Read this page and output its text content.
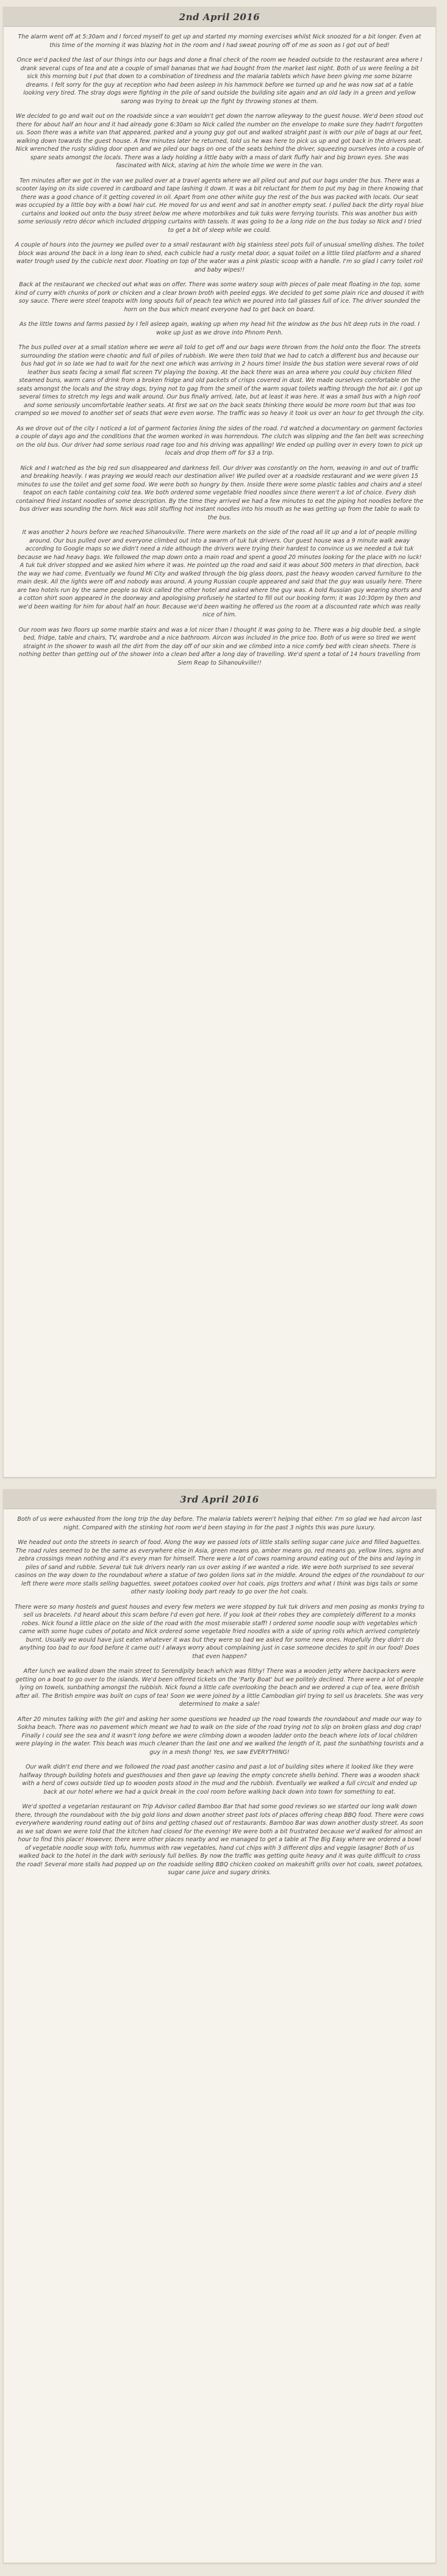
2nd April 2016

The alarm went off at 5:30am and I forced myself to get up and started my morning exercises whilst Nick snoozed for a bit longer. Even at this time of the morning it was blazing hot in the room and I had sweat pouring off of me as soon as I got out of bed!

Once we'd packed the last of our things into our bags and done a final check of the room we headed outside to the restaurant area where I drank several cups of tea and ate a couple of small bananas that we had bought from the market last night. Both of us were feeling a bit sick this morning but I put that down to a combination of tiredness and the malaria tablets which have been giving me some bizarre dreams. I felt sorry for the guy at reception who had been asleep in his hammock before we turned up and he was now sat at a table looking very tired. The stray dogs were fighting in the pile of sand outside the building site again and an old lady in a green and yellow sarong was trying to break up the fight by throwing stones at them.

We decided to go and wait out on the roadside since a van wouldn't get down the narrow alleyway to the guest house. We'd been stood out there for about half an hour and it had already gone 6:30am so Nick called the number on the envelope to make sure they hadn't forgotten us. Soon there was a white van that appeared, parked and a young guy got out and walked straight past is with our pile of bags at our feet, walking down towards the guest house. A few minutes later he returned, told us he was here to pick us up and got back in the drivers seat. Nick wrenched the rusty sliding door open and we piled our bags on one of the seats behind the driver, squeezing ourselves into a couple of spare seats amongst the locals. There was a lady holding a little baby with a mass of dark fluffy hair and big brown eyes. She was fascinated with Nick, staring at him the whole time we were in the van.

Ten minutes after we got in the van we pulled over at a travel agents where we all piled out and put our bags under the bus. There was a scooter laying on its side covered in cardboard and tape lashing it down. It was a bit reluctant for them to put my bag in there knowing that there was a good chance of it getting covered in oil. Apart from one other white guy the rest of the bus was packed with locals. Our seat was occupied by a little boy with a bowl hair cut. He moved for us and went and sat in another empty seat. I pulled back the dirty royal blue curtains and looked out onto the busy street below me where motorbikes and tuk tuks were ferrying tourists. This was another bus with some seriously retro décor which included dripping curtains with tassels. It was going to be a long ride on the bus today so Nick and I tried to get a bit of sleep while we could.

A couple of hours into the journey we pulled over to a small restaurant with big stainless steel pots full of unusual smelling dishes. The toilet block was around the back in a long lean to shed, each cubicle had a rusty metal door, a squat toilet on a little tiled platform and a shared water trough used by the cubicle next door. Floating on top of the water was a pink plastic scoop with a handle. I'm so glad I carry toilet roll and baby wipes!!

Back at the restaurant we checked out what was on offer. There was some watery soup with pieces of pale meat floating in the top, some kind of curry with chunks of pork or chicken and a clear brown broth with peeled eggs. We decided to get some plain rice and doused it with soy sauce. There were steel teapots with long spouts full of peach tea which we poured into tall glasses full of ice. The driver sounded the horn on the bus which meant everyone had to get back on board.

As the little towns and farms passed by I fell asleep again, waking up when my head hit the window as the bus hit deep ruts in the road. I woke up just as we drove into Phnom Penh.

The bus pulled over at a small station where we were all told to get off and our bags were thrown from the hold onto the floor. The streets surrounding the station were chaotic and full of piles of rubbish. We were then told that we had to catch a different bus and because our bus had got in so late we had to wait for the next one which was arriving in 2 hours time! Inside the bus station were several rows of old leather bus seats facing a small flat screen TV playing the boxing. At the back there was an area where you could buy chicken filled steamed buns, warm cans of drink from a broken fridge and old packets of crisps covered in dust. We made ourselves comfortable on the seats amongst the locals and the stray dogs, trying not to gag from the smell of the warm squat toilets wafting through the hot air. I got up several times to stretch my legs and walk around. Our bus finally arrived, late, but at least it was here. It was a small bus with a high roof and some seriously uncomfortable leather seats. At first we sat on the back seats thinking there would be more room but that was too cramped so we moved to another set of seats that were even worse. The traffic was so heavy it took us over an hour to get through the city.

As we drove out of the city I noticed a lot of garment factories lining the sides of the road. I'd watched a documentary on garment factories a couple of days ago and the conditions that the women worked in was horrendous. The clutch was slipping and the fan belt was screeching on the old bus. Our driver had some serious road rage too and his driving was appalling! We ended up pulling over in every town to pick up locals and drop them off for $3 a trip.

Nick and I watched as the big red sun disappeared and darkness fell. Our driver was constantly on the horn, weaving in and out of traffic and breaking heavily. I was praying we would reach our destination alive! We pulled over at a roadside restaurant and we were given 15 minutes to use the toilet and get some food. We were both so hungry by then. Inside there were some plastic tables and chairs and a steel teapot on each table containing cold tea. We both ordered some vegetable fried noodles since there weren't a lot of choice. Every dish contained fried instant noodles of some description. By the time they arrived we had a few minutes to eat the piping hot noodles before the bus driver was sounding the horn. Nick was still stuffing hot instant noodles into his mouth as he was getting up from the table to walk to the bus.

It was another 2 hours before we reached Sihanoukville. There were markets on the side of the road all lit up and a lot of people milling around. Our bus pulled over and everyone climbed out into a swarm of tuk tuk drivers. Our guest house was a 9 minute walk away according to Google maps so we didn't need a ride although the drivers were trying their hardest to convince us we needed a tuk tuk because we had heavy bags. We followed the map down onto a main road and spent a good 20 minutes looking for the place with no luck! A tuk tuk driver stopped and we asked him where it was. He pointed up the road and said it was about 500 meters in that direction, back the way we had come. Eventually we found Mi City and walked through the big glass doors, past the heavy wooden carved furniture to the main desk. All the lights were off and nobody was around. A young Russian couple appeared and said that the guy was usually here. There are two hotels run by the same people so Nick called the other hotel and asked where the guy was. A bold Russian guy wearing shorts and a cotton shirt soon appeared in the doorway and apologising profusely he started to fill out our booking form; it was 10:30pm by then and we'd been waiting for him for about half an hour. Because we'd been waiting he offered us the room at a discounted rate which was really nice of him.

Our room was two floors up some marble stairs and was a lot nicer than I thought it was going to be. There was a big double bed, a single bed, fridge, table and chairs, TV, wardrobe and a nice bathroom. Aircon was included in the price too. Both of us were so tired we went straight in the shower to wash all the dirt from the day off of our skin and we climbed into a nice comfy bed with clean sheets. There is nothing better than getting out of the shower into a clean bed after a long day of travelling. We'd spent a total of 14 hours travelling from Siem Reap to Sihanoukville!!

3rd April 2016

Both of us were exhausted from the long trip the day before. The malaria tablets weren't helping that either. I'm so glad we had aircon last night. Compared with the stinking hot room we'd been staying in for the past 3 nights this was pure luxury.

We headed out onto the streets in search of food. Along the way we passed lots of little stalls selling sugar cane juice and filled baguettes. The road rules seemed to be the same as everywhere else in Asia, green means go, amber means go, red means go, yellow lines, signs and zebra crossings mean nothing and it's every man for himself. There were a lot of cows roaming around eating out of the bins and laying in piles of sand and rubble. Several tuk tuk drivers nearly ran us over asking if we wanted a ride. We were both surprised to see several casinos on the way down to the roundabout where a statue of two golden lions sat in the middle. Around the edges of the roundabout to our left there were more stalls selling baguettes, sweet potatoes cooked over hot coals, pigs trotters and what I think was bigs tails or some other nasty looking body part ready to go over the hot coals.

There were so many hostels and guest houses and every few meters we were stopped by tuk tuk drivers and men posing as monks trying to sell us bracelets. I'd heard about this scam before I'd even got here. If you look at their robes they are completely different to a monks robes. Nick found a little place on the side of the road with the most miserable staff! I ordered some noodle soup with vegetables which came with some huge cubes of potato and Nick ordered some vegetable fried noodles with a side of spring rolls which arrived completely burnt. Usually we would have just eaten whatever it was but they were so bad we asked for some new ones. Hopefully they didn't do anything too bad to our food before it came out! I always worry about complaining just in case someone decides to spit in our food! Does that even happen?

After lunch we walked down the main street to Serendipity beach which was filthy! There was a wooden jetty where backpackers were getting on a boat to go over to the islands. We'd been offered tickets on the 'Party Boat' but we politely declined. There were a lot of people lying on towels, sunbathing amongst the rubbish. Nick found a little cafe overlooking the beach and we ordered a cup of tea, were British after all. The British empire was built on cups of tea! Soon we were joined by a little Cambodian girl trying to sell us bracelets. She was very determined to make a sale!

After 20 minutes talking with the girl and asking her some questions we headed up the road towards the roundabout and made our way to Sokha beach. There was no pavement which meant we had to walk on the side of the road trying not to slip on broken glass and dog crap! Finally I could see the sea and it wasn't long before we were climbing down a wooden ladder onto the beach where lots of local children were playing in the water. This beach was much cleaner than the last one and we walked the length of it, past the sunbathing tourists and a guy in a mesh thong! Yes, we saw EVERYTHING!

Our walk didn't end there and we followed the road past another casino and past a lot of building sites where it looked like they were halfway through building hotels and guesthouses and then gave up leaving the empty concrete shells behind. There was a wooden shack with a herd of cows outside tied up to wooden posts stood in the mud and the rubbish. Eventually we walked a full circuit and ended up back at our hotel where we had a quick break in the cool room before walking back down into town for something to eat.

We'd spotted a vegetarian restaurant on Trip Advisor called Bamboo Bar that had some good reviews so we started our long walk down there, through the roundabout with the big gold lions and down another street past lots of places offering cheap BBQ food. There were cows everywhere wandering round eating out of bins and getting chased out of restaurants. Bamboo Bar was down another dusty street. As soon as we sat down we were told that the kitchen had closed for the evening! We were both a bit frustrated because we'd walked for almost an hour to find this place! However, there were other places nearby and we managed to get a table at The Big Easy where we ordered a bowl of vegetable noodle soup with tofu, hummus with raw vegetables, hand cut chips with 3 different dips and veggie lasagne! Both of us walked back to the hotel in the dark with seriously full bellies. By now the traffic was getting quite heavy and it was quite difficult to cross the road! Several more stalls had popped up on the roadside selling BBQ chicken cooked on makeshift grills over hot coals, sweet potatoes, sugar cane juice and sugary drinks.
